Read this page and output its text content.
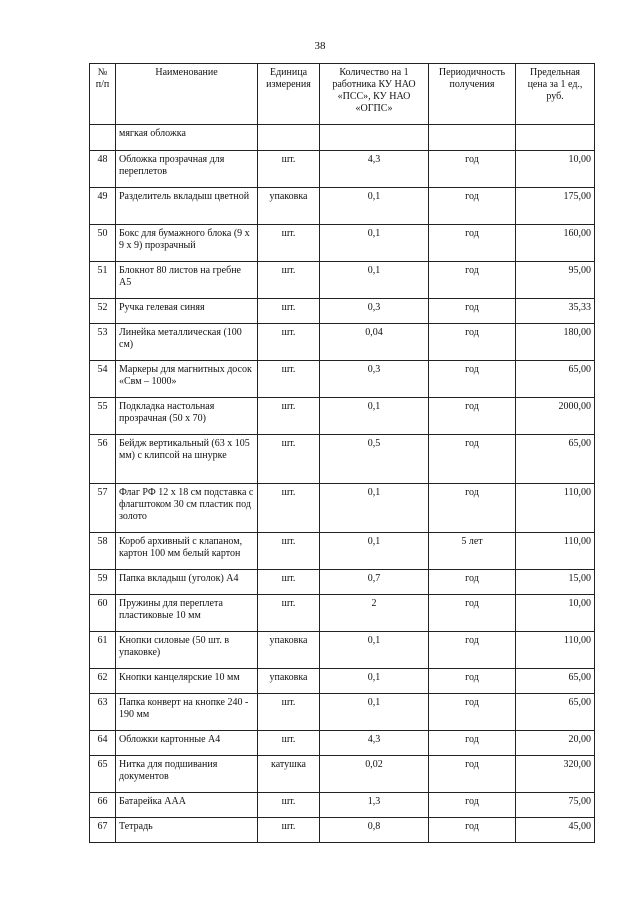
38
№ п/п	Наименование	Единица измерения	Количество на 1 работника КУ НАО «ПСС», КУ НАО «ОГПС»	Периодичность получения	Предельная цена за 1 ед., руб.
	мягкая обложка				
48	Обложка прозрачная для переплетов	шт.	4,3	год	10,00
49	Разделитель вкладыш цветной	упаковка	0,1	год	175,00
50	Бокс для бумажного блока (9 х 9 х 9) прозрачный	шт.	0,1	год	160,00
51	Блокнот 80 листов на гребне А5	шт.	0,1	год	95,00
52	Ручка гелевая синяя	шт.	0,3	год	35,33
53	Линейка металлическая (100 см)	шт.	0,04	год	180,00
54	Маркеры для магнитных досок «Свм – 1000»	шт.	0,3	год	65,00
55	Подкладка настольная прозрачная (50 х 70)	шт.	0,1	год	2000,00
56	Бейдж вертикальный (63 х 105 мм) с клипсой на шнурке	шт.	0,5	год	65,00
57	Флаг РФ 12 х 18 см подставка с флагштоком 30 см пластик под золото	шт.	0,1	год	110,00
58	Короб архивный с клапаном, картон 100 мм белый картон	шт.	0,1	5 лет	110,00
59	Папка вкладыш (уголок) А4	шт.	0,7	год	15,00
60	Пружины для переплета пластиковые 10 мм	шт.	2	год	10,00
61	Кнопки силовые (50 шт. в упаковке)	упаковка	0,1	год	110,00
62	Кнопки канцелярские 10 мм	упаковка	0,1	год	65,00
63	Папка конверт на кнопке 240 - 190 мм	шт.	0,1	год	65,00
64	Обложки картонные А4	шт.	4,3	год	20,00
65	Нитка для подшивания документов	катушка	0,02	год	320,00
66	Батарейка ААА	шт.	1,3	год	75,00
67	Тетрадь	шт.	0,8	год	45,00
